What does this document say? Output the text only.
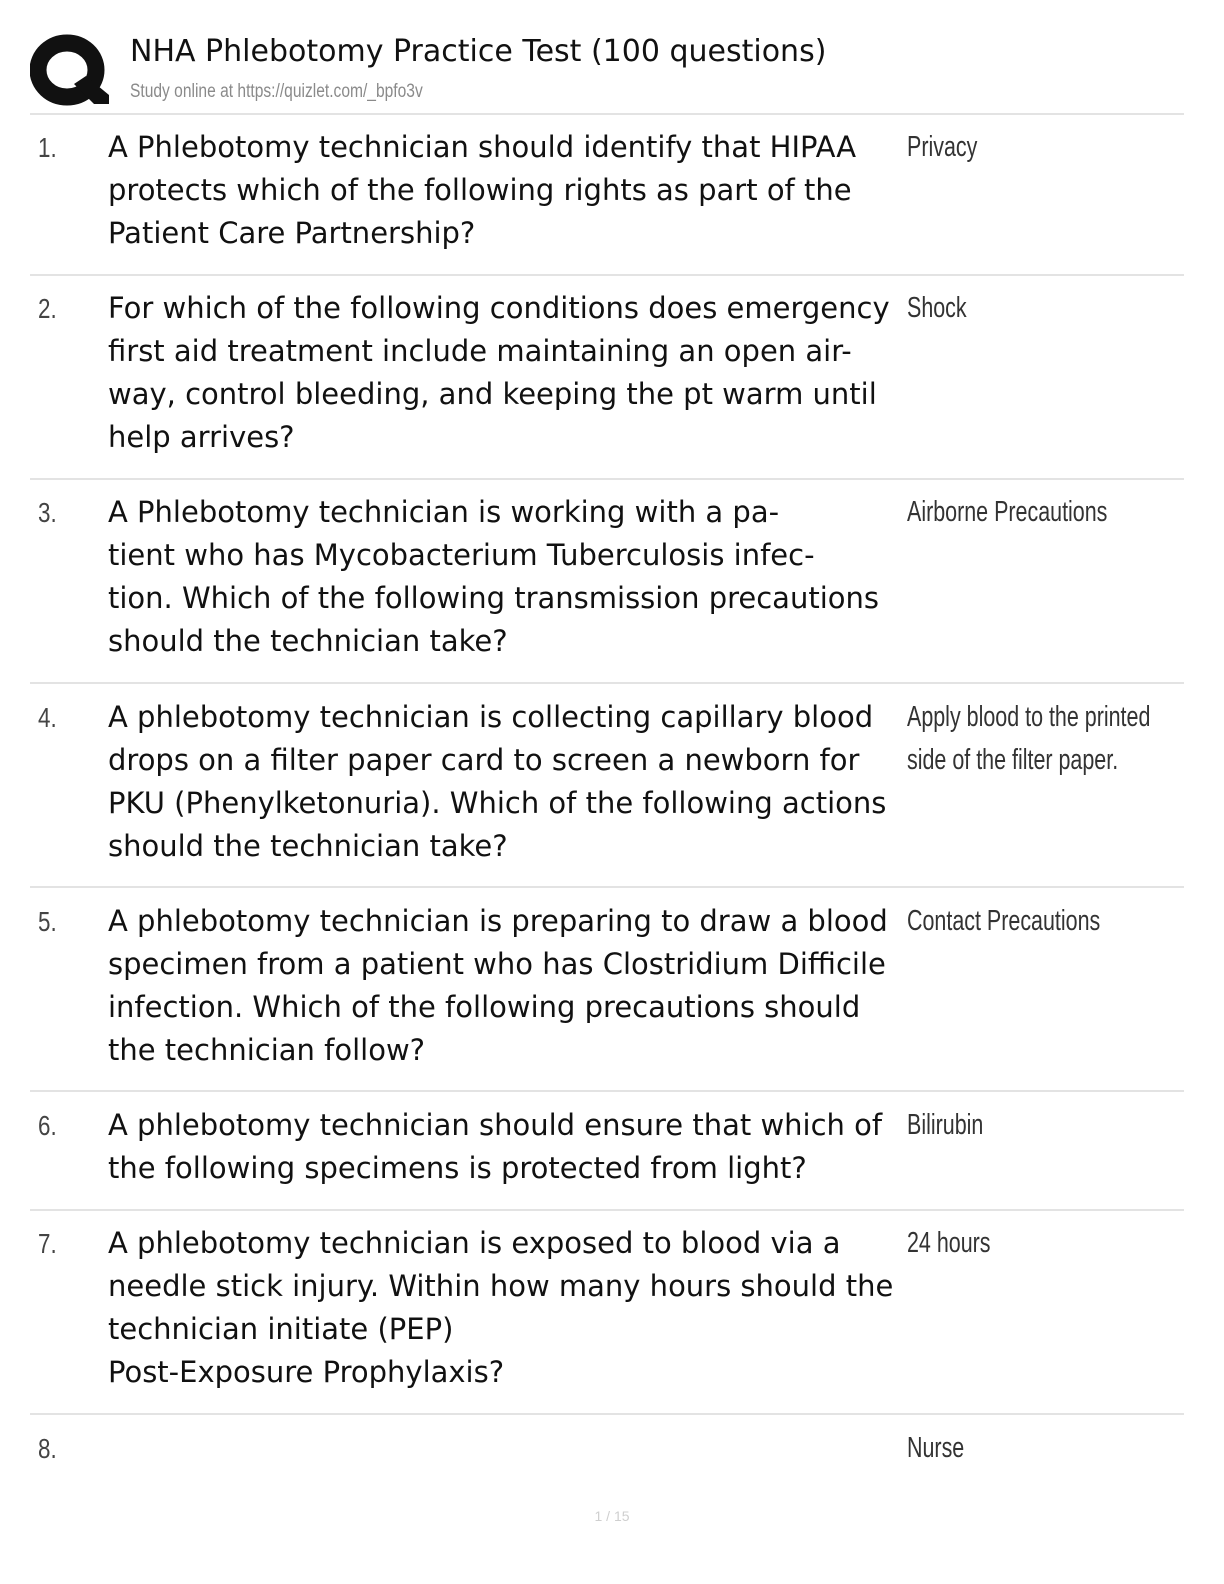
NHA Phlebotomy Practice Test (100 questions)
Study online at https://quizlet.com/_bpfo3v
1. A Phlebotomy technician should identify that HIPAA
protects which of the following rights as part of the
Patient Care Partnership?
Privacy
2. For which of the following conditions does emergency
first aid treatment include maintaining an open air-
way, control bleeding, and keeping the pt warm until
help arrives?
Shock
3. A Phlebotomy technician is working with a pa-
tient who has Mycobacterium Tuberculosis infec-
tion. Which of the following transmission precautions
should the technician take?
Airborne Precautions
4. A phlebotomy technician is collecting capillary blood
drops on a filter paper card to screen a newborn for
PKU (Phenylketonuria). Which of the following actions
should the technician take?
Apply blood to the printed
side of the filter paper.
5. A phlebotomy technician is preparing to draw a blood
specimen from a patient who has Clostridium Difficile
infection. Which of the following precautions should
the technician follow?
Contact Precautions
6. A phlebotomy technician should ensure that which of
the following specimens is protected from light?
Bilirubin
7. A phlebotomy technician is exposed to blood via a
needle stick injury. Within how many hours should the
technician initiate (PEP)
Post-Exposure Prophylaxis?
24 hours
8.	Nurse
1 / 15
